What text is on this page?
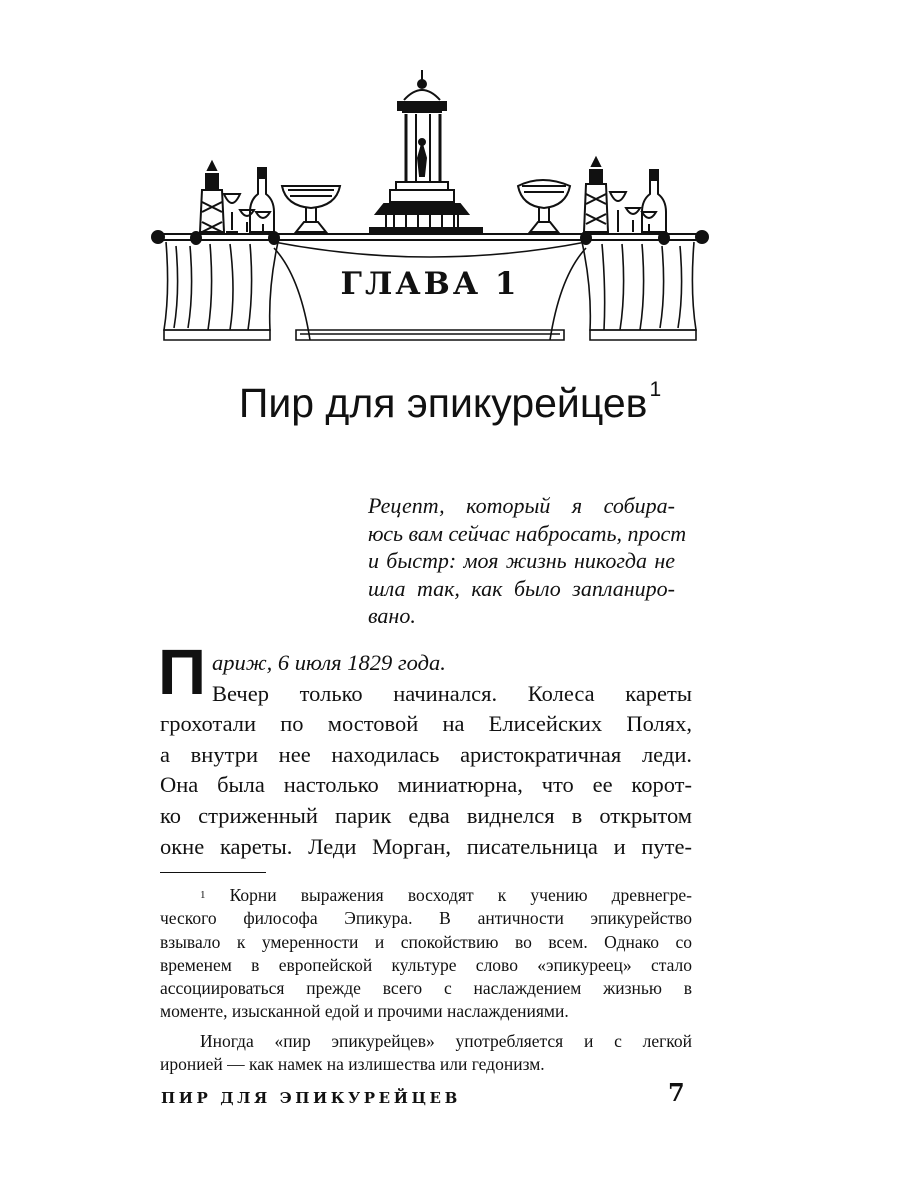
ГЛАВА 1
Пир для эпикурейцев$^1$
Рецепт, который я собира-
юсь вам сейчас набросать, прост
и быстр: моя жизнь никогда не
шла так, как было запланиро-
вано.
П ариж, 6 июля 1829 года.
Вечер только начинался. Колеса кареты
грохотали по мостовой на Елисейских Полях,
а внутри нее находилась аристократичная леди.
Она была настолько миниатюрна, что ее корот-
ко стриженный парик едва виднелся в открытом
окне кареты. Леди Морган, писательница и путе-
$^1$ Корни выражения восходят к учению древнегре-
ческого философа Эпикура. В античности эпикурейство
взывало к умеренности и спокойствию во всем. Однако со
временем в европейской культуре слово «эпикуреец» стало
ассоциироваться прежде всего с наслаждением жизнью в
моменте, изысканной едой и прочими наслаждениями.
Иногда «пир эпикурейцев» употребляется и с легкой
иронией — как намек на излишества или гедонизм.
ПИР ДЛЯ ЭПИКУРЕЙЦЕВ	7
